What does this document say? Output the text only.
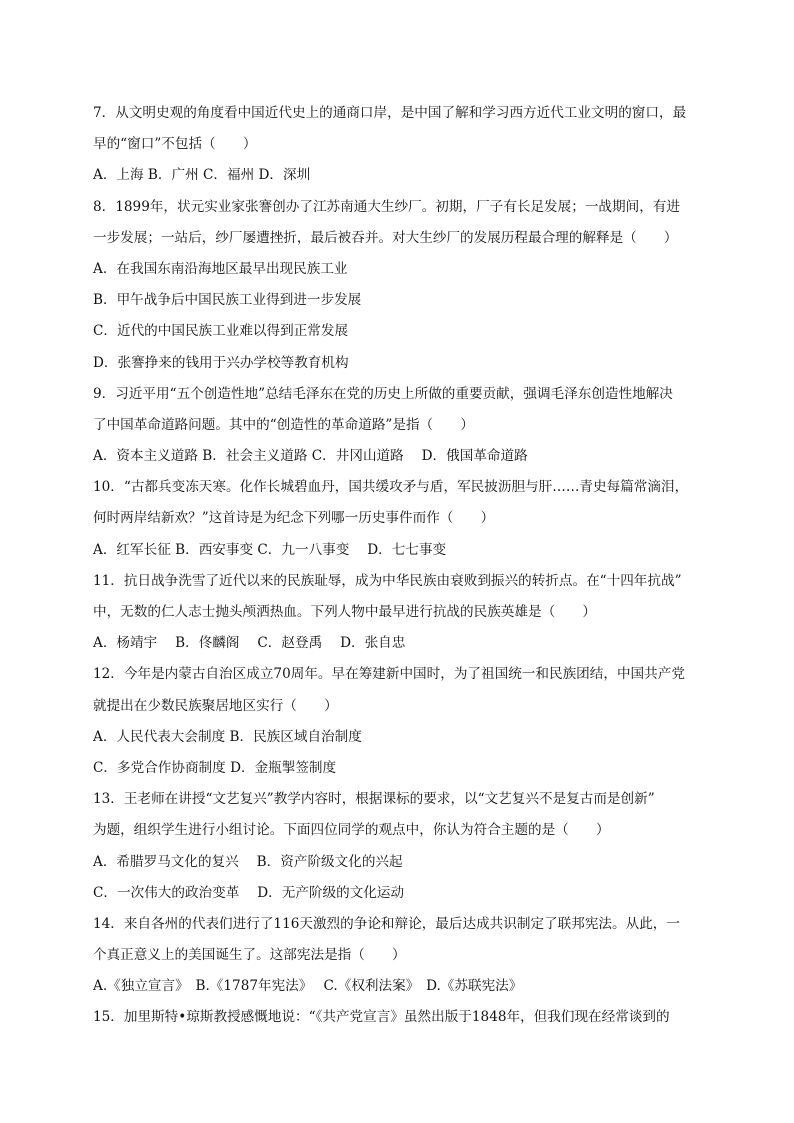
7．从文明史观的角度看中国近代史上的通商口岸，是中国了解和学习西方近代工业文明的窗口，最
早的“窗口”不包括（　　）
A．上海 B．广州 C．福州 D．深圳
8．1899年，状元实业家张謇创办了江苏南通大生纱厂。初期，厂子有长足发展；一战期间，有进
一步发展；一站后，纱厂屡遭挫折，最后被吞并。对大生纱厂的发展历程最合理的解释是（　　）
A．在我国东南沿海地区最早出现民族工业
B．甲午战争后中国民族工业得到进一步发展
C．近代的中国民族工业难以得到正常发展
D．张謇挣来的钱用于兴办学校等教育机构
9．习近平用“五个创造性地”总结毛泽东在党的历史上所做的重要贡献，强调毛泽东创造性地解决
了中国革命道路问题。其中的“创造性的革命道路”是指（　　）
A．资本主义道路 B．社会主义道路 C．井冈山道路　 D．俄国革命道路
10．“古都兵变冻天寒。化作长城碧血丹，国共缓攻矛与盾，军民披沥胆与肝……青史每篇常滴泪，
何时两岸结新欢？”这首诗是为纪念下列哪一历史事件而作（　　）
A．红军长征 B．西安事变 C．九一八事变　 D．七七事变
11．抗日战争洗雪了近代以来的民族耻辱，成为中华民族由衰败到振兴的转折点。在“十四年抗战”
中，无数的仁人志士抛头颅洒热血。下列人物中最早进行抗战的民族英雄是（　　）
A．杨靖宇　 B．佟麟阁　 C．赵登禹　 D．张自忠
12．今年是内蒙古自治区成立70周年。早在筹建新中国时，为了祖国统一和民族团结，中国共产党
就提出在少数民族聚居地区实行（　　）
A．人民代表大会制度 B．民族区域自治制度
C．多党合作协商制度 D．金瓶掣签制度
13．王老师在讲授“文艺复兴”教学内容时，根据课标的要求，以“文艺复兴不是复古而是创新”
为题，组织学生进行小组讨论。下面四位同学的观点中，你认为符合主题的是（　　）
A．希腊罗马文化的复兴　 B．资产阶级文化的兴起
C．一次伟大的政治变革　 D．无产阶级的文化运动
14．来自各州的代表们进行了116天激烈的争论和辩论，最后达成共识制定了联邦宪法。从此，一
个真正意义上的美国诞生了。这部宪法是指（　　）
A.《独立宣言》　B.《1787年宪法》　 C.《权利法案》　D.《苏联宪法》
15．加里斯特•琼斯教授感慨地说：“《共产党宣言》虽然出版于1848年，但我们现在经常谈到的
